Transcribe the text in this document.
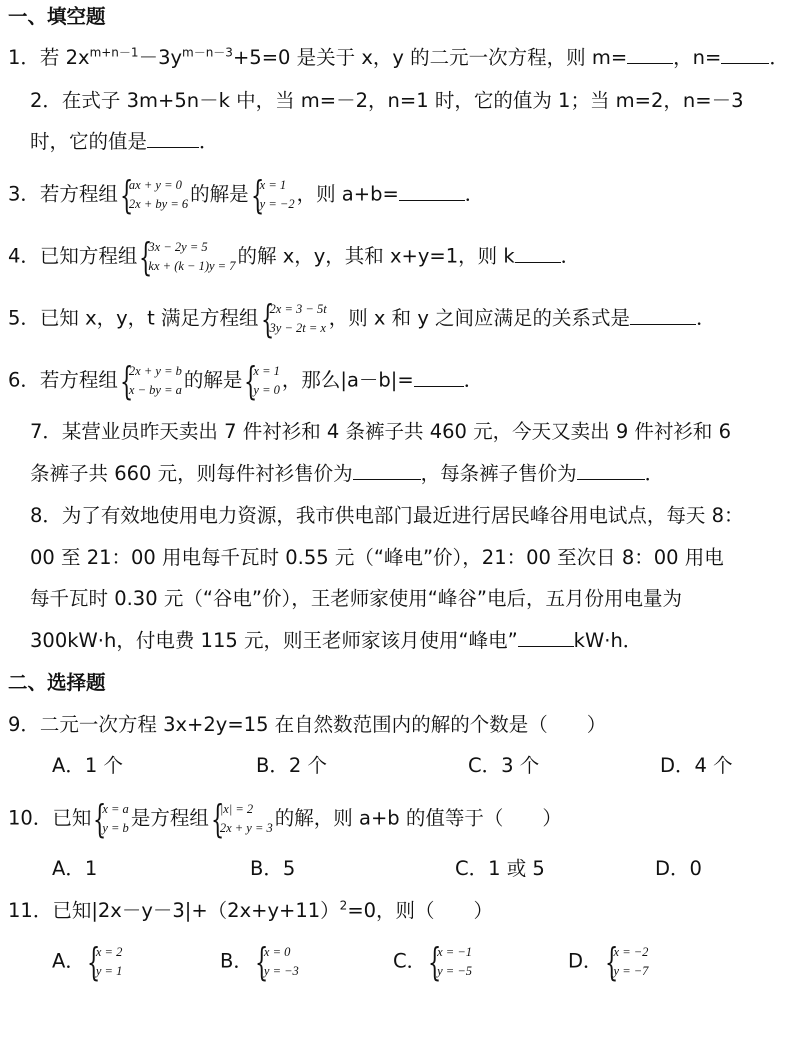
一、填空题
1．若 $2x^{m+n-1}-3y^{m-n-3}+5=0$ 是关于 x，y 的二元一次方程，则 m= ，n= ．
2．在式子 3m+5n－k 中，当 m=－2，n=1 时，它的值为 1；当 m=2，n=－3
时，它的值是	．
3．若方程组 {
ax + y = 0
2x + by = 6 的解是 {
x = 1
y = −2 ，则 a+b=	．
4．已知方程组 {
3x − 2y = 5
kx + (k − 1)y = 7 的解 x，y，其和 x+y=1，则 k ．
5．已知 x，y，t 满足方程组 {
2x = 3 − 5t
3y − 2t = x ，则 x 和 y 之间应满足的关系式是	．
6．若方程组 {
2x + y = b
x − by = a 的解是 {
x = 1
y = 0 ，那么|a－b|=	．
7．某营业员昨天卖出 7 件衬衫和 4 条裤子共 460 元，今天又卖出 9 件衬衫和 6
条裤子共 660 元，则每件衬衫售价为	，每条裤子售价为	．
8．为了有效地使用电力资源，我市供电部门最近进行居民峰谷用电试点，每天 8：
00 至 21：00 用电每千瓦时 0.55 元（“峰电”价），21：00 至次日 8：00 用电
每千瓦时 0.30 元（“谷电”价），王老师家使用“峰谷”电后，五月份用电量为
300kW·h，付电费 115 元，则王老师家该月使用“峰电”	kW·h．
二、选择题
9．二元一次方程 3x+2y=15 在自然数范围内的解的个数是（　　）
A．1 个	B．2 个	C．3 个	D．4 个
10．已知 {
x = a
y = b 是方程组 {
|x| = 2
2x + y = 3 的解，则 a+b 的值等于（　　）
A．1	B．5	C．1 或 5	D．0
11．已知$|2x-y-3|+(2x+y+11)^2=0$，则（　　）
A． {
x = 2
y = 1	B． {
x = 0
y = −3	C． {
x = −1
y = −5	D． {
x = −2
y = −7
